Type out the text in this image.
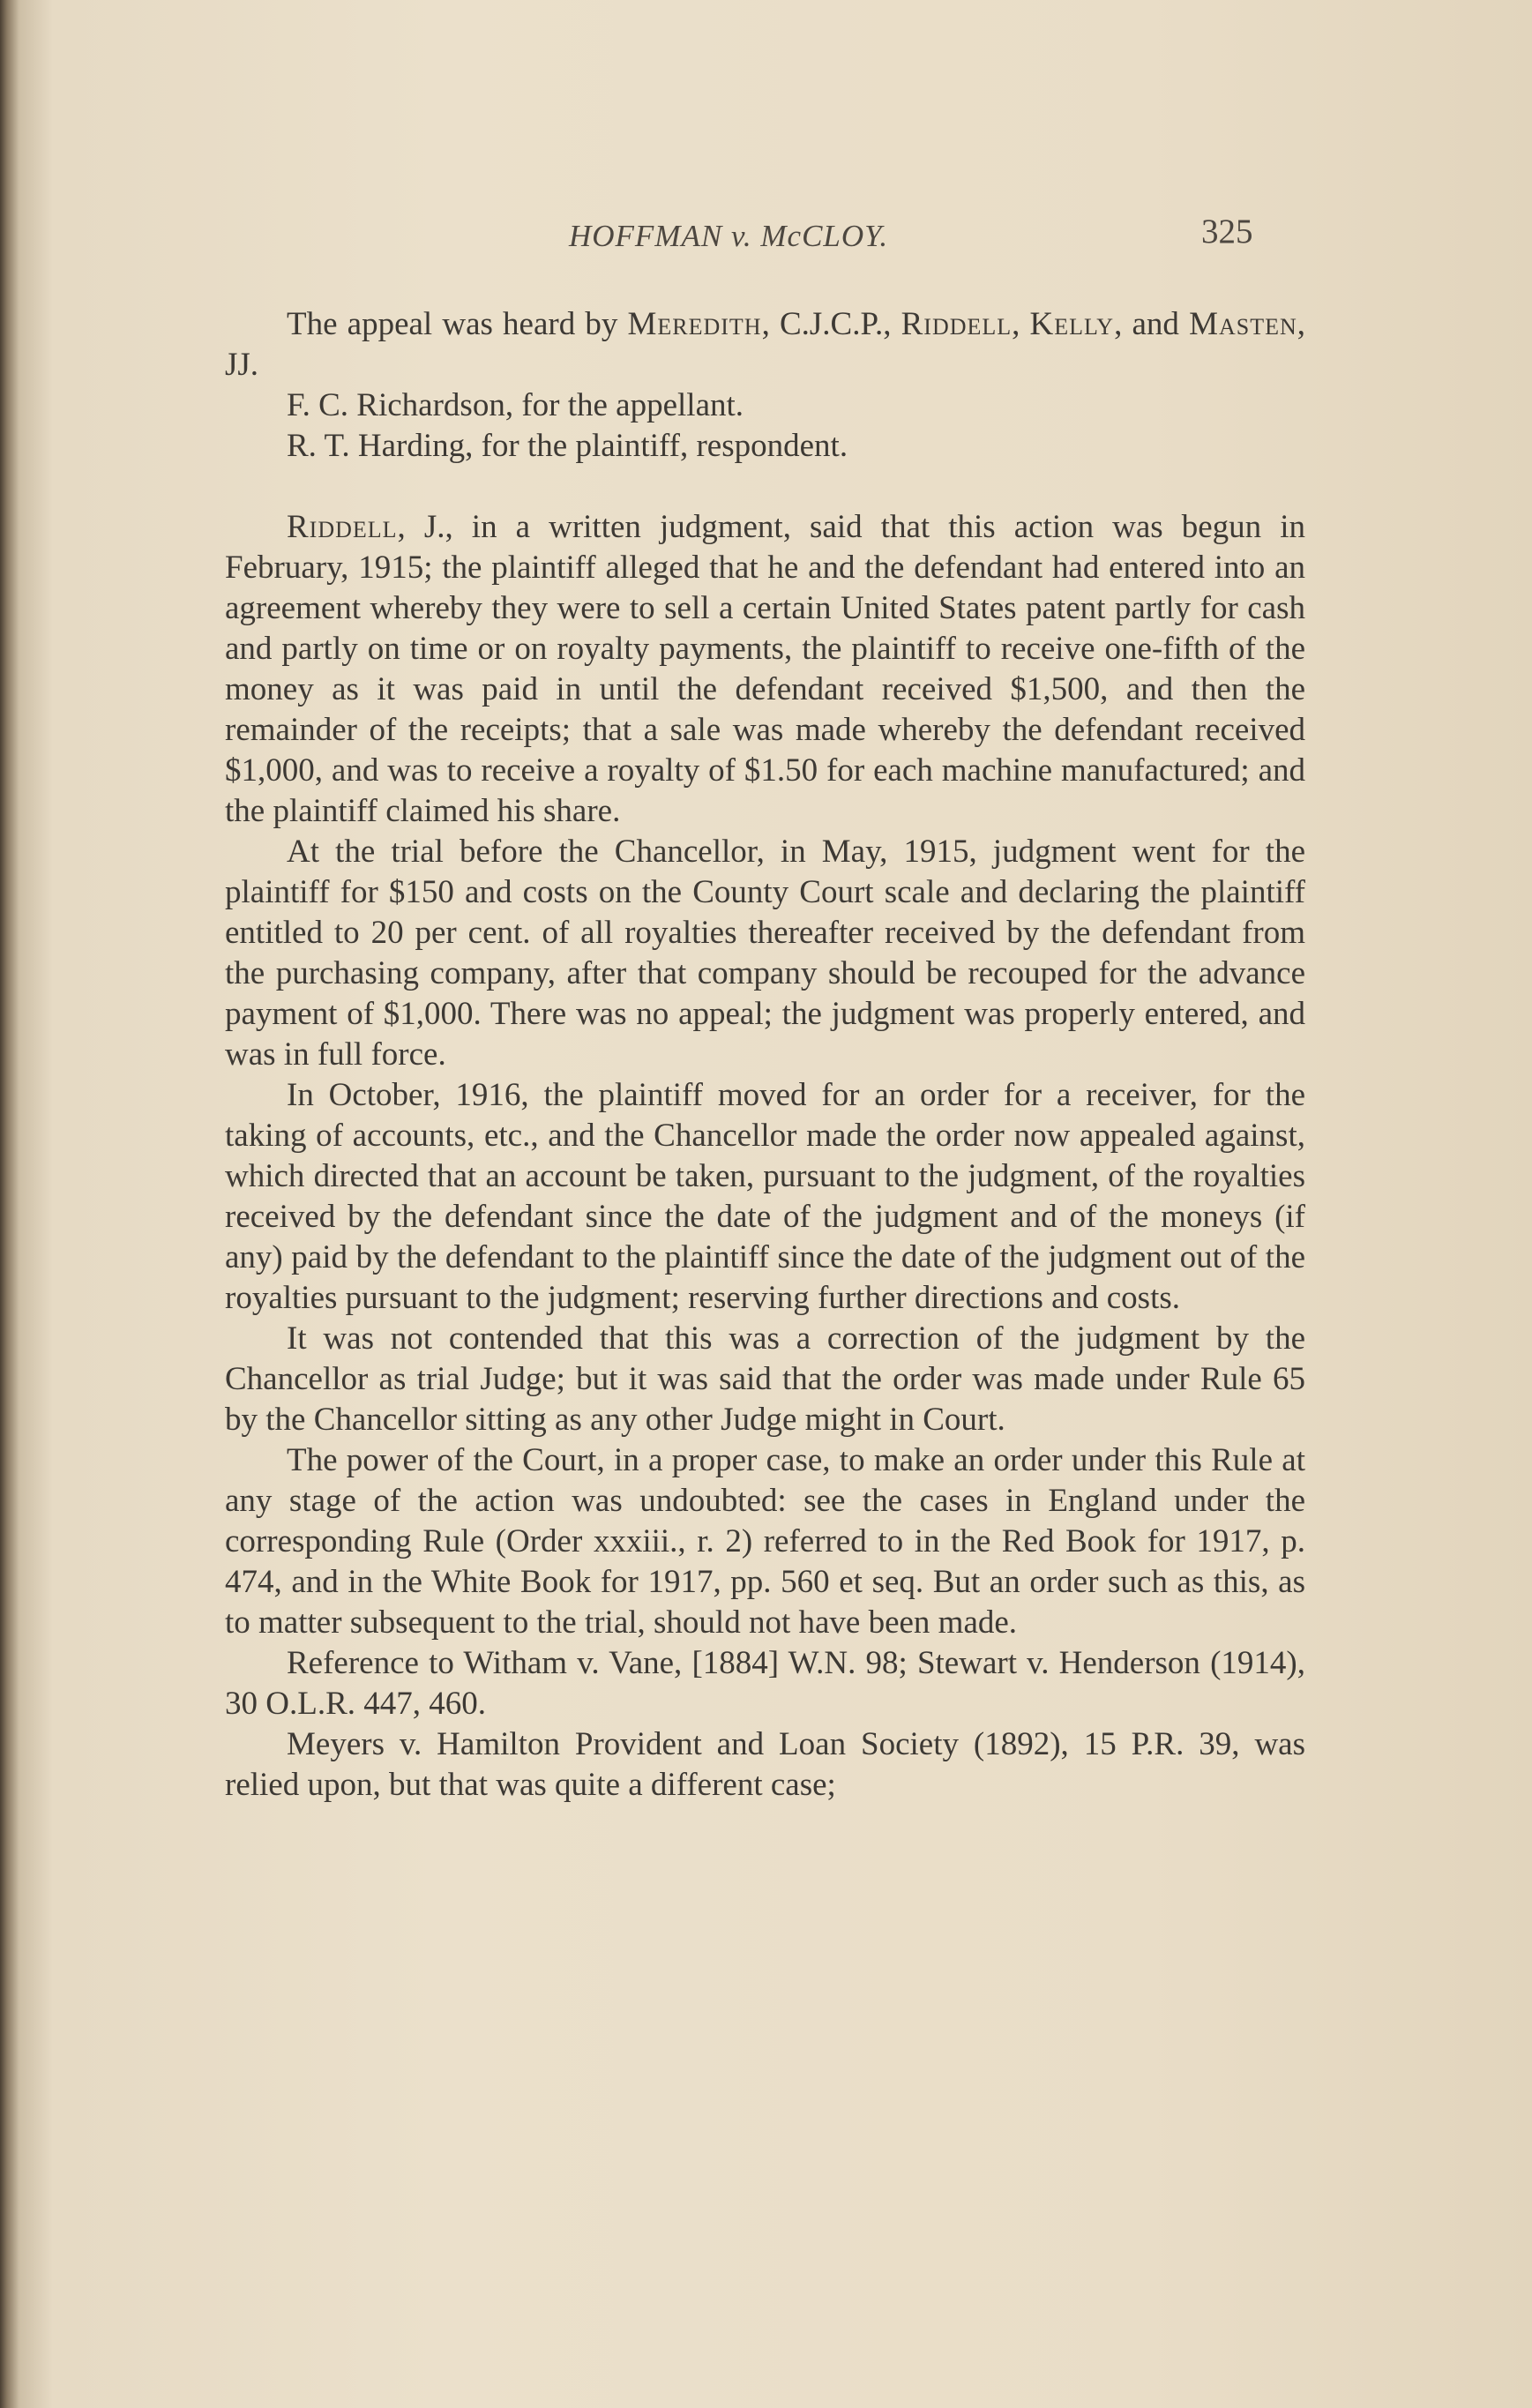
HOFFMAN v. McCLOY.	325

The appeal was heard by Meredith, C.J.C.P., Riddell, Kelly, and Masten, JJ.

F. C. Richardson, for the appellant.

R. T. Harding, for the plaintiff, respondent.

Riddell, J., in a written judgment, said that this action was begun in February, 1915; the plaintiff alleged that he and the defendant had entered into an agreement whereby they were to sell a certain United States patent partly for cash and partly on time or on royalty payments, the plaintiff to receive one-fifth of the money as it was paid in until the defendant received $1,500, and then the remainder of the receipts; that a sale was made whereby the defendant received $1,000, and was to receive a royalty of $1.50 for each machine manufactured; and the plaintiff claimed his share.

At the trial before the Chancellor, in May, 1915, judgment went for the plaintiff for $150 and costs on the County Court scale and declaring the plaintiff entitled to 20 per cent. of all royalties thereafter received by the defendant from the purchasing company, after that company should be recouped for the advance payment of $1,000. There was no appeal; the judgment was properly entered, and was in full force.

In October, 1916, the plaintiff moved for an order for a receiver, for the taking of accounts, etc., and the Chancellor made the order now appealed against, which directed that an account be taken, pursuant to the judgment, of the royalties received by the defendant since the date of the judgment and of the moneys (if any) paid by the defendant to the plaintiff since the date of the judgment out of the royalties pursuant to the judgment; reserving further directions and costs.

It was not contended that this was a correction of the judgment by the Chancellor as trial Judge; but it was said that the order was made under Rule 65 by the Chancellor sitting as any other Judge might in Court.

The power of the Court, in a proper case, to make an order under this Rule at any stage of the action was undoubted: see the cases in England under the corresponding Rule (Order xxxiii., r. 2) referred to in the Red Book for 1917, p. 474, and in the White Book for 1917, pp. 560 et seq. But an order such as this, as to matter subsequent to the trial, should not have been made.

Reference to Witham v. Vane, [1884] W.N. 98; Stewart v. Henderson (1914), 30 O.L.R. 447, 460.

Meyers v. Hamilton Provident and Loan Society (1892), 15 P.R. 39, was relied upon, but that was quite a different case;
